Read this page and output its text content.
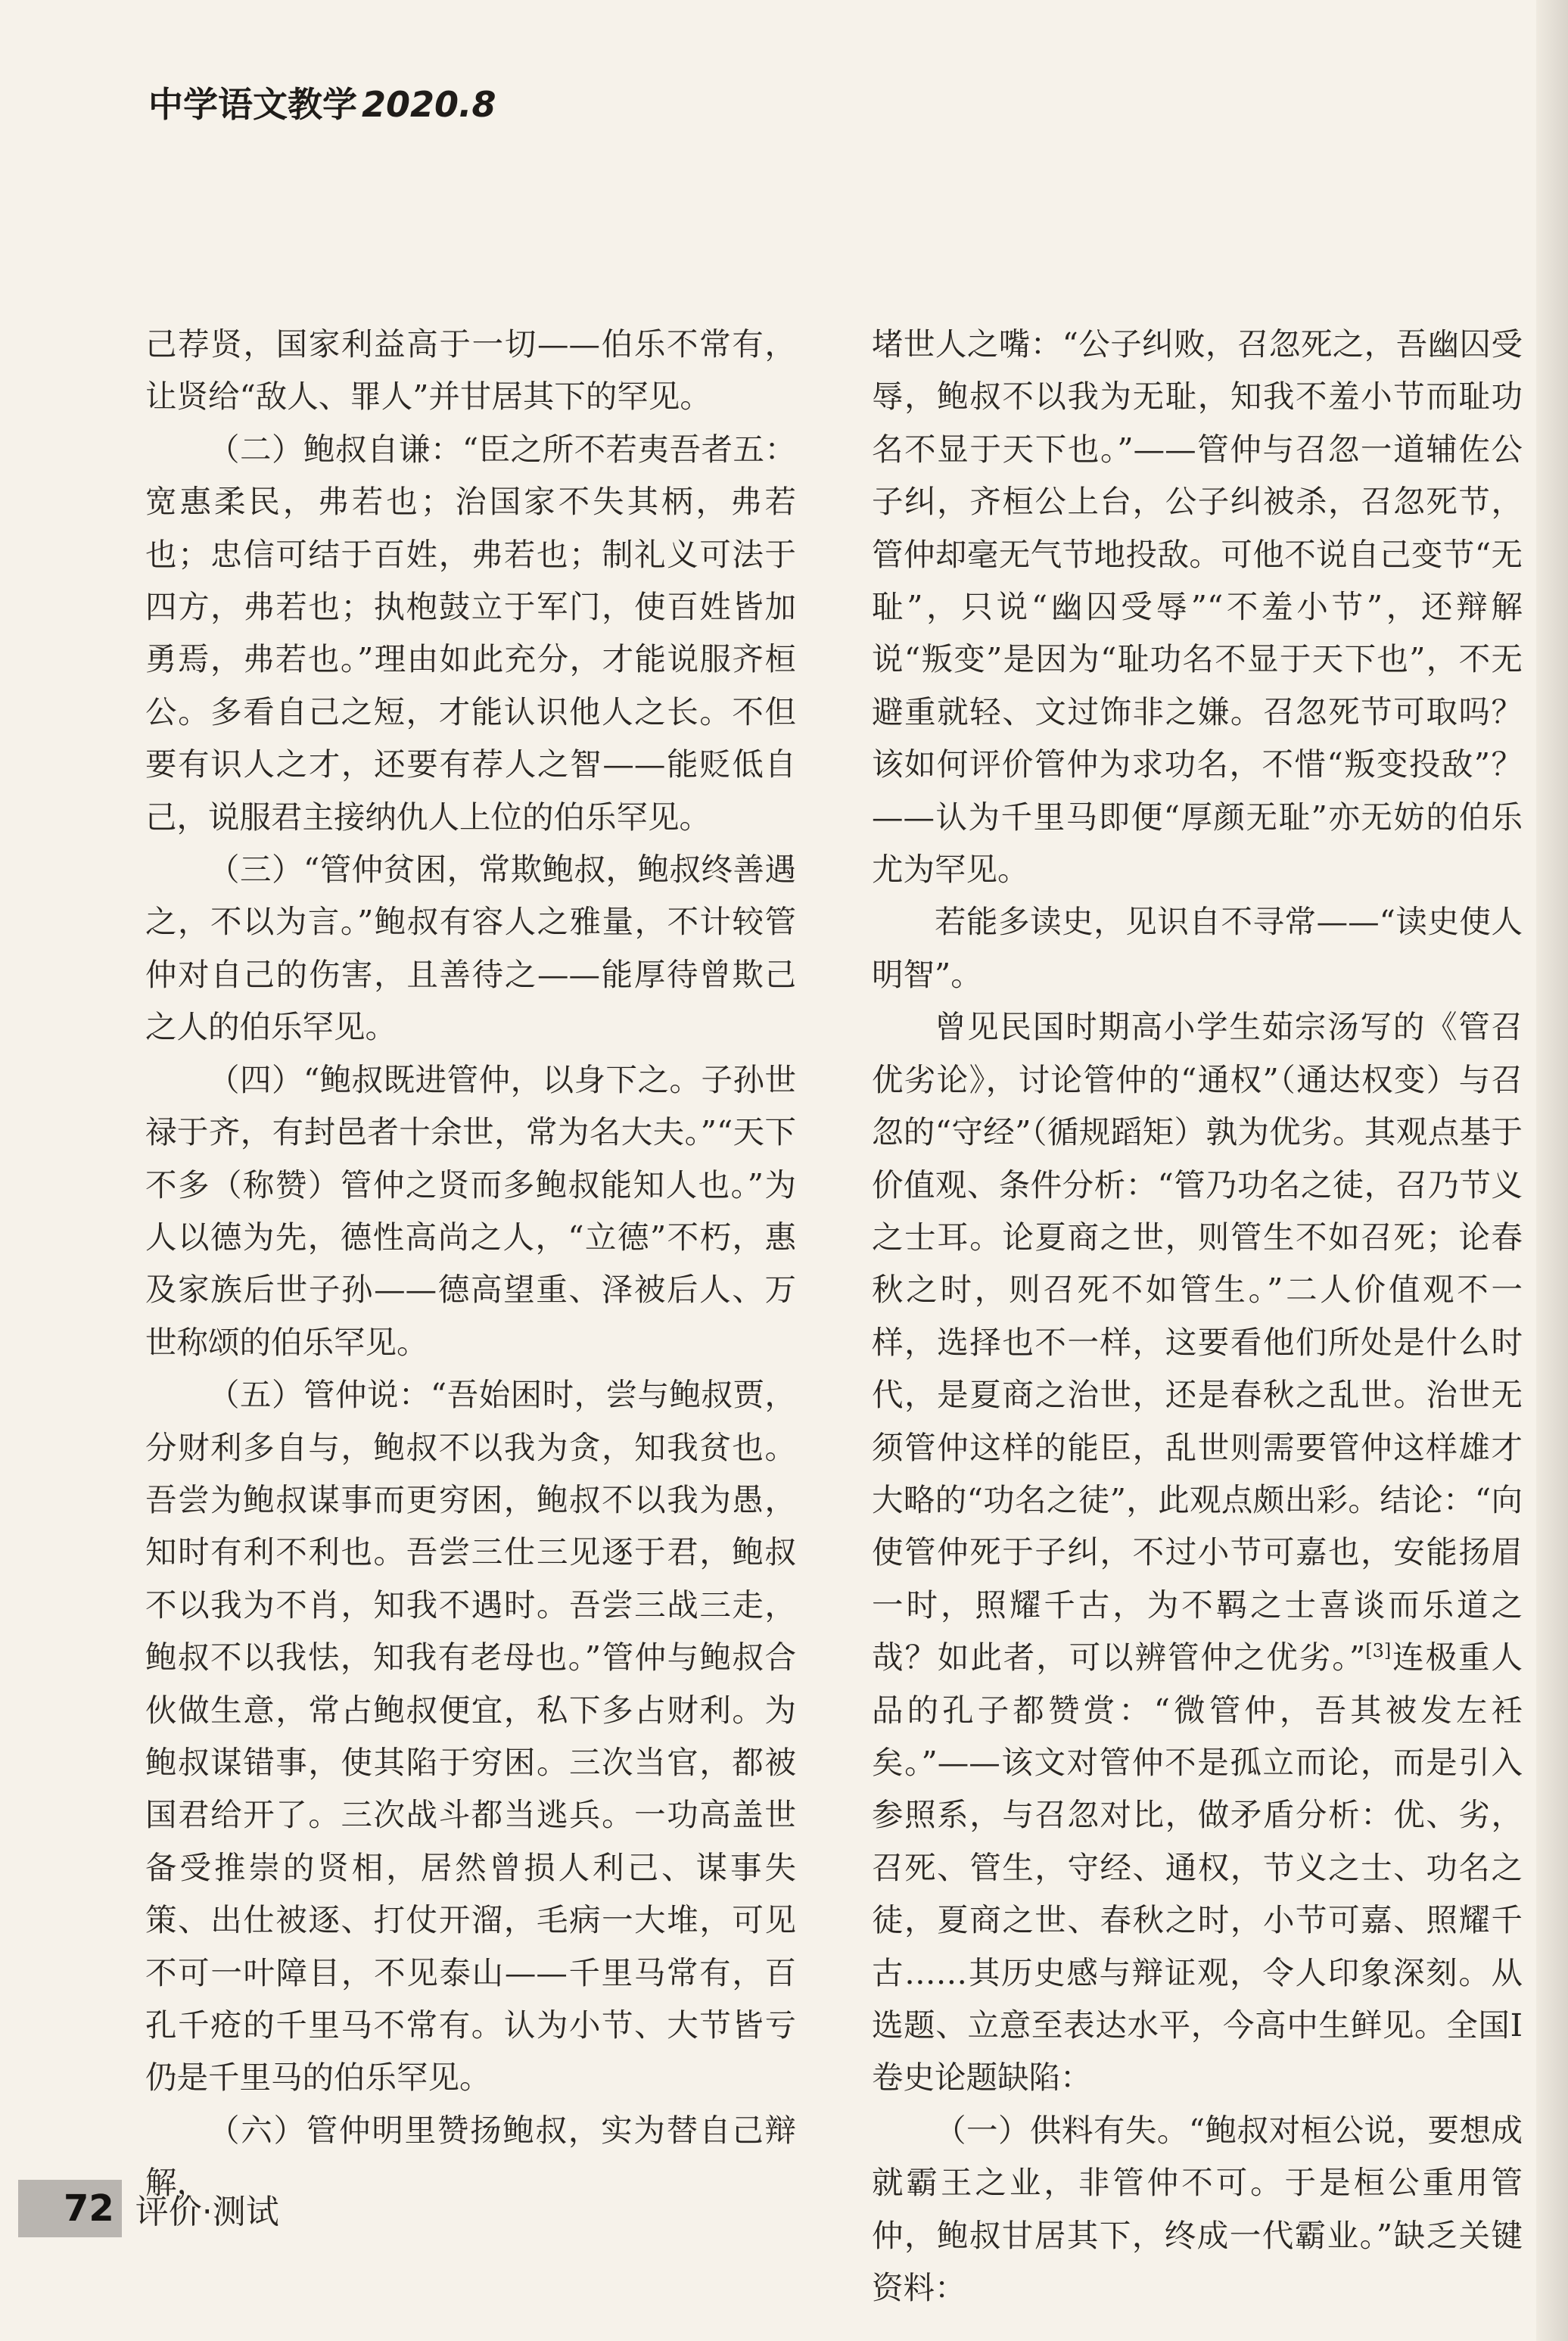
中学语文教学 2020.8

己荐贤，国家利益高于一切——伯乐不常有，让贤给“敌人、罪人”并甘居其下的罕见。

（二）鲍叔自谦：“臣之所不若夷吾者五：宽惠柔民，弗若也；治国家不失其柄，弗若也；忠信可结于百姓，弗若也；制礼义可法于四方，弗若也；执枹鼓立于军门，使百姓皆加勇焉，弗若也。”理由如此充分，才能说服齐桓公。多看自己之短，才能认识他人之长。不但要有识人之才，还要有荐人之智——能贬低自己，说服君主接纳仇人上位的伯乐罕见。

（三）“管仲贫困，常欺鲍叔，鲍叔终善遇之，不以为言。”鲍叔有容人之雅量，不计较管仲对自己的伤害，且善待之——能厚待曾欺己之人的伯乐罕见。

（四）“鲍叔既进管仲，以身下之。子孙世禄于齐，有封邑者十余世，常为名大夫。”“天下不多（称赞）管仲之贤而多鲍叔能知人也。”为人以德为先，德性高尚之人，“立德”不朽，惠及家族后世子孙——德高望重、泽被后人、万世称颂的伯乐罕见。

（五）管仲说：“吾始困时，尝与鲍叔贾，分财利多自与，鲍叔不以我为贪，知我贫也。吾尝为鲍叔谋事而更穷困，鲍叔不以我为愚，知时有利不利也。吾尝三仕三见逐于君，鲍叔不以我为不肖，知我不遇时。吾尝三战三走，鲍叔不以我怯，知我有老母也。”管仲与鲍叔合伙做生意，常占鲍叔便宜，私下多占财利。为鲍叔谋错事，使其陷于穷困。三次当官，都被国君给开了。三次战斗都当逃兵。一功高盖世备受推崇的贤相，居然曾损人利己、谋事失策、出仕被逐、打仗开溜，毛病一大堆，可见不可一叶障目，不见泰山——千里马常有，百孔千疮的千里马不常有。认为小节、大节皆亏仍是千里马的伯乐罕见。

（六）管仲明里赞扬鲍叔，实为替自己辩解，

堵世人之嘴：“公子纠败，召忽死之，吾幽囚受辱，鲍叔不以我为无耻，知我不羞小节而耻功名不显于天下也。”——管仲与召忽一道辅佐公子纠，齐桓公上台，公子纠被杀，召忽死节，管仲却毫无气节地投敌。可他不说自己变节“无耻”，只说“幽囚受辱”“不羞小节”，还辩解说“叛变”是因为“耻功名不显于天下也”，不无避重就轻、文过饰非之嫌。召忽死节可取吗？该如何评价管仲为求功名，不惜“叛变投敌”？——认为千里马即便“厚颜无耻”亦无妨的伯乐尤为罕见。

若能多读史，见识自不寻常——“读史使人明智”。

曾见民国时期高小学生茹宗汤写的《管召优劣论》，讨论管仲的“通权”（通达权变）与召忽的“守经”（循规蹈矩）孰为优劣。其观点基于价值观、条件分析：“管乃功名之徒，召乃节义之士耳。论夏商之世，则管生不如召死；论春秋之时，则召死不如管生。”二人价值观不一样，选择也不一样，这要看他们所处是什么时代，是夏商之治世，还是春秋之乱世。治世无须管仲这样的能臣，乱世则需要管仲这样雄才大略的“功名之徒”，此观点颇出彩。结论：“向使管仲死于子纠，不过小节可嘉也，安能扬眉一时，照耀千古，为不羁之士喜谈而乐道之哉？如此者，可以辨管仲之优劣。”[3]连极重人品的孔子都赞赏：“微管仲，吾其被发左衽矣。”——该文对管仲不是孤立而论，而是引入参照系，与召忽对比，做矛盾分析：优、劣，召死、管生，守经、通权，节义之士、功名之徒，夏商之世、春秋之时，小节可嘉、照耀千古……其历史感与辩证观，令人印象深刻。从选题、立意至表达水平，今高中生鲜见。全国Ⅰ卷史论题缺陷：

（一）供料有失。“鲍叔对桓公说，要想成就霸王之业，非管仲不可。于是桓公重用管仲，鲍叔甘居其下，终成一代霸业。”缺乏关键资料：

72 评价·测试
